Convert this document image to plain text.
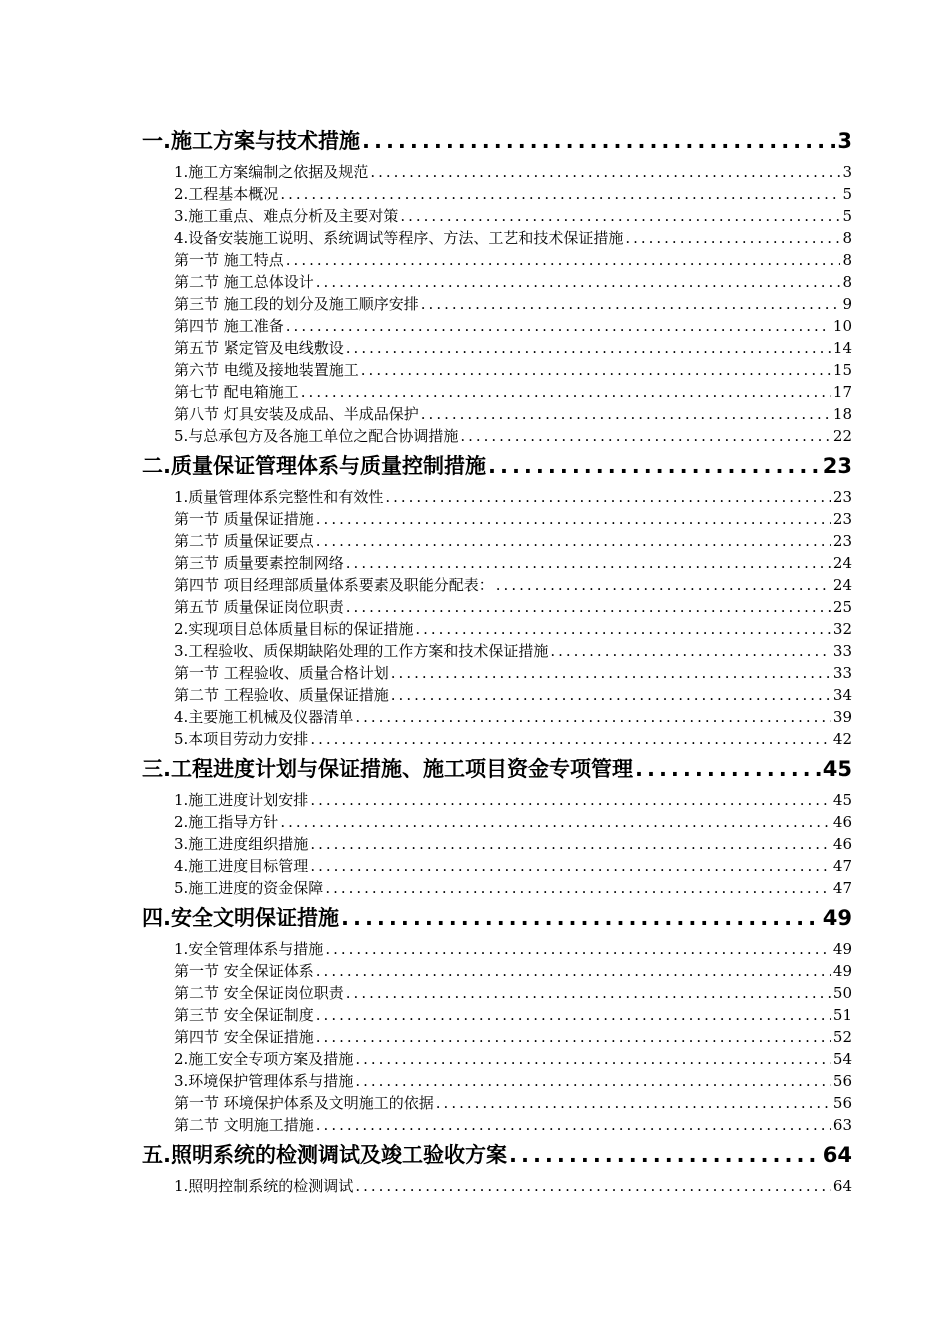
一.施工方案与技术措施 .....	3
1.施工方案编制之依据及规范 .....	3
2.工程基本概况 .....	5
3.施工重点、难点分析及主要对策 .....	5
4.设备安装施工说明、系统调试等程序、方法、工艺和技术保证措施 .....	8
第一节 施工特点 .....	8
第二节 施工总体设计 .....	8
第三节 施工段的划分及施工顺序安排 .....	9
第四节 施工准备 .....	10
第五节 紧定管及电线敷设 .....	14
第六节 电缆及接地装置施工 .....	15
第七节 配电箱施工 .....	17
第八节 灯具安装及成品、半成品保护 .....	18
5.与总承包方及各施工单位之配合协调措施 .....	22
二.质量保证管理体系与质量控制措施 .....	23
1.质量管理体系完整性和有效性 .....	23
第一节 质量保证措施 .....	23
第二节 质量保证要点 .....	23
第三节 质量要素控制网络 .....	24
第四节 项目经理部质量体系要素及职能分配表： .....	24
第五节 质量保证岗位职责 .....	25
2.实现项目总体质量目标的保证措施 .....	32
3.工程验收、质保期缺陷处理的工作方案和技术保证措施 .....	33
第一节 工程验收、质量合格计划 .....	33
第二节 工程验收、质量保证措施 .....	34
4.主要施工机械及仪器清单 .....	39
5.本项目劳动力安排 .....	42
三.工程进度计划与保证措施、施工项目资金专项管理 .....	45
1.施工进度计划安排 .....	45
2.施工指导方针 .....	46
3.施工进度组织措施 .....	46
4.施工进度目标管理 .....	47
5.施工进度的资金保障 .....	47
四.安全文明保证措施 .....	49
1.安全管理体系与措施 .....	49
第一节 安全保证体系 .....	49
第二节 安全保证岗位职责 .....	50
第三节 安全保证制度 .....	51
第四节 安全保证措施 .....	52
2.施工安全专项方案及措施 .....	54
3.环境保护管理体系与措施 .....	56
第一节 环境保护体系及文明施工的依据 .....	56
第二节 文明施工措施 .....	63
五.照明系统的检测调试及竣工验收方案 .....	64
1.照明控制系统的检测调试 .....	64
